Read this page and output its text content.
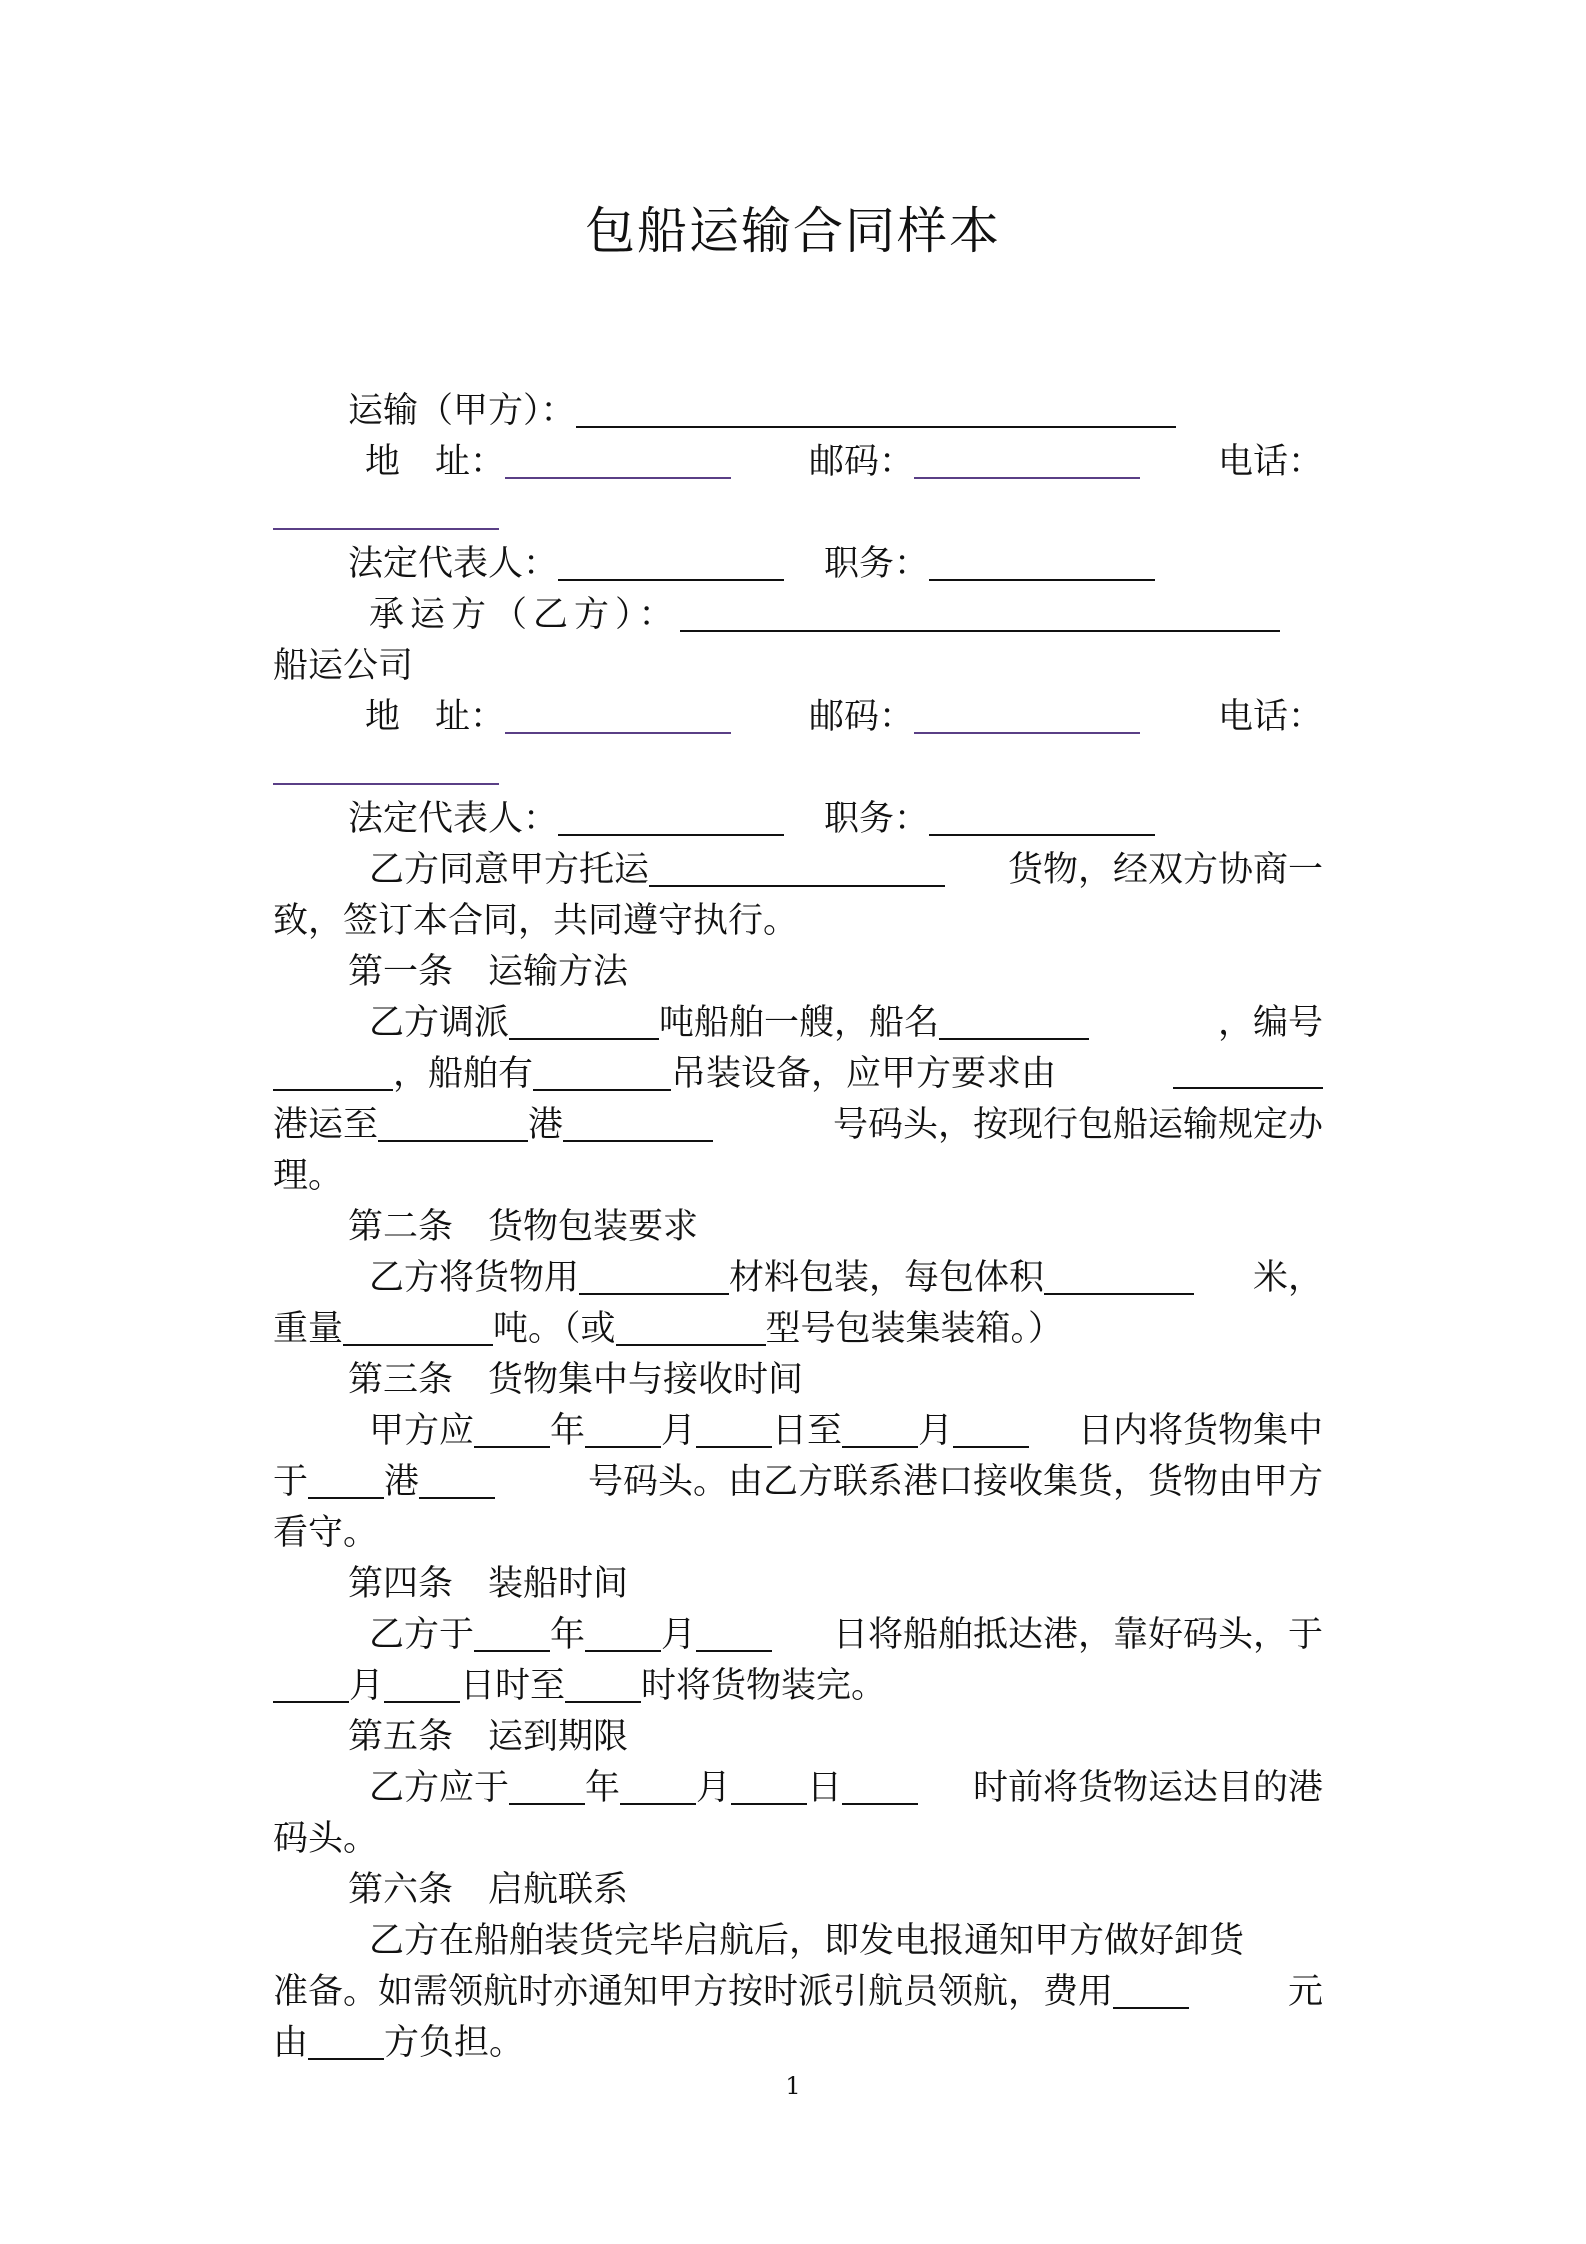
包船运输合同样本
运输（甲方）：
地　址：	邮码：	电话：
法定代表人：	职务：
承运方（乙方）：
船运公司
地　址：	邮码：	电话：
法定代表人：	职务：
乙方同意甲方托运	货物，经双方协商一
致，签订本合同，共同遵守执行。
第一条　运输方法
乙方调派	吨船舶一艘，船名	，编号
，船舶有	吊装设备，应甲方要求由
港运至	港	号码头，按现行包船运输规定办
理。
第二条　货物包装要求
乙方将货物用	材料包装，每包体积	米，
重量	吨。（或	型号包装集装箱。）
第三条　货物集中与接收时间
甲方应 年 月 日至 月	日内将货物集中
于 港	号码头。由乙方联系港口接收集货，货物由甲方
看守。
第四条　装船时间
乙方于 年 月	日将船舶抵达港，靠好码头，于
月 日时至 时将货物装完。
第五条　运到期限
乙方应于 年 月 日	时前将货物运达目的港
码头。
第六条　启航联系
乙方在船舶装货完毕启航后，即发电报通知甲方做好卸货
准备。如需领航时亦通知甲方按时派引航员领航，费用	元
由 方负担。
1
